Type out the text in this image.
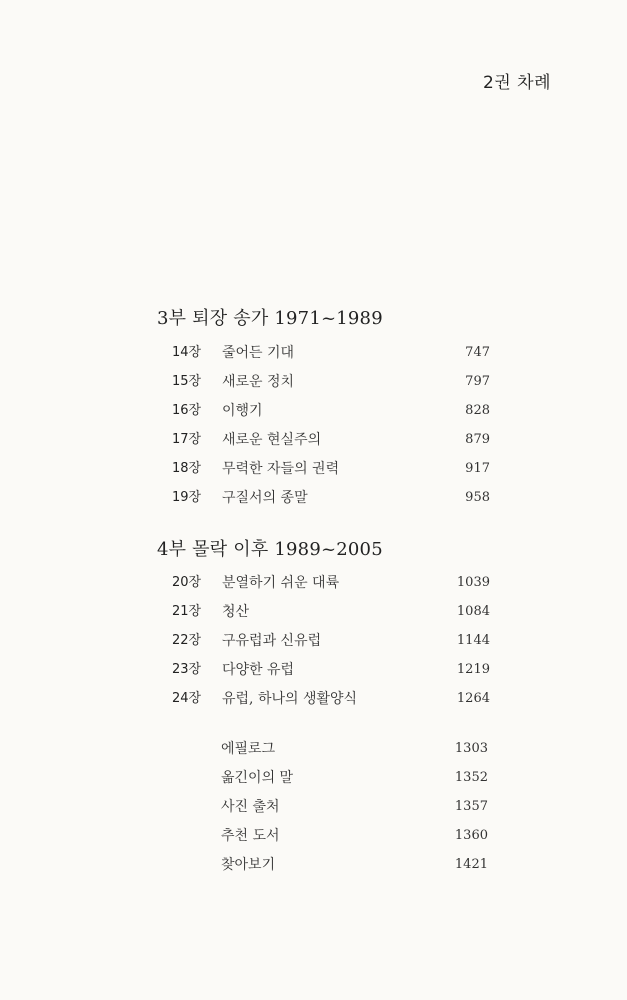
2권 차례
3부 퇴장 송가 1971~1989
14장 줄어든 기대	747
15장 새로운 정치	797
16장 이행기	828
17장 새로운 현실주의	879
18장 무력한 자들의 권력	917
19장 구질서의 종말	958
4부 몰락 이후 1989~2005
20장 분열하기 쉬운 대륙	1039
21장 청산	1084
22장 구유럽과 신유럽	1144
23장 다양한 유럽	1219
24장 유럽, 하나의 생활양식	1264
에필로그	1303
옮긴이의 말	1352
사진 출처	1357
추천 도서	1360
찾아보기	1421
